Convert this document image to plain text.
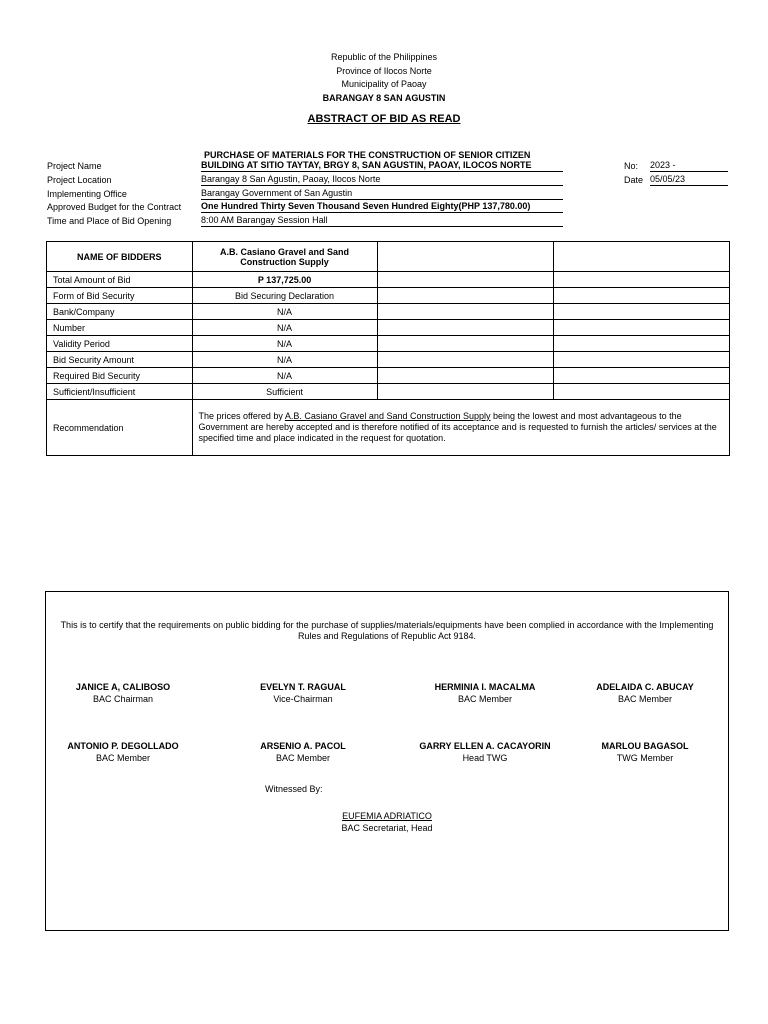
Republic of the Philippines
Province of Ilocos Norte
Municipality of Paoay
BARANGAY 8 SAN AGUSTIN
ABSTRACT OF BID AS READ
PURCHASE OF MATERIALS FOR THE CONSTRUCTION OF SENIOR CITIZEN
Project Name	BUILDING AT SITIO TAYTAY, BRGY 8, SAN AGUSTIN, PAOAY, ILOCOS NORTE
Project Location	Barangay 8 San Agustin, Paoay, Ilocos Norte
Implementing Office	Barangay Government of San Agustin
Approved Budget for the Contract One Hundred Thirty Seven Thousand Seven Hundred Eighty(PHP 137,780.00)
Time and Place of Bid Opening	8:00 AM Barangay Session Hall
No: 2023 -
Date 05/05/23
NAME OF BIDDERS	A.B. Casiano Gravel and Sand Construction Supply		
Total Amount of Bid	P 137,725.00		
Form of Bid Security	Bid Securing Declaration		
Bank/Company	N/A		
Number	N/A		
Validity Period	N/A		
Bid Security Amount	N/A		
Required Bid Security	N/A		
Sufficient/Insufficient	Sufficient		
Recommendation	The prices offered by A.B. Casiano Gravel and Sand Construction Supply being the lowest and most advantageous to the Government are hereby accepted and is therefore notified of its acceptance and is requested to furnish the articles/ services at the specified time and place indicated in the request for quotation.		
This is to certify that the requirements on public bidding for the purchase of supplies/materials/equipments have been complied in accordance with the Implementing Rules and Regulations of Republic Act 9184.
JANICE A, CALIBOSO
BAC Chairman
EVELYN T. RAGUAL
Vice-Chairman
HERMINIA I. MACALMA
BAC Member
ADELAIDA C. ABUCAY
BAC Member
ANTONIO P. DEGOLLADO
BAC Member
ARSENIO A. PACOL
BAC Member
GARRY ELLEN A. CACAYORIN
Head TWG
MARLOU BAGASOL
TWG Member
Witnessed By:
EUFEMIA ADRIATICO
BAC Secretariat, Head
